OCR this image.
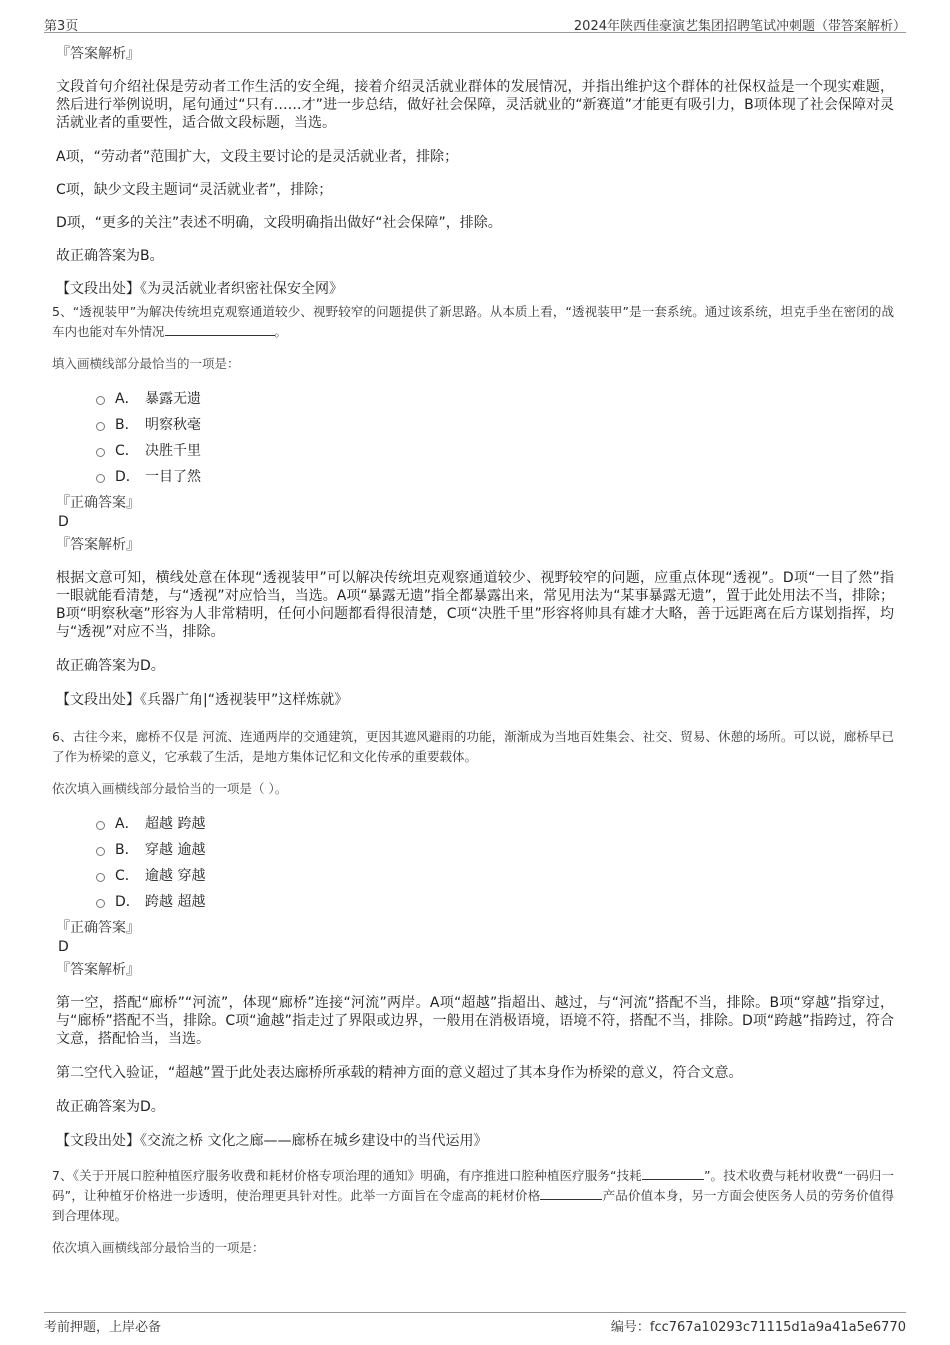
第3页	2024年陕西佳豪演艺集团招聘笔试冲刺题（带答案解析）
『答案解析』

文段首句介绍社保是劳动者工作生活的安全绳，接着介绍灵活就业群体的发展情况，并指出维护这个群体的社保权益是一个现实难题，然后进行举例说明，尾句通过“只有……才”进一步总结，做好社会保障，灵活就业的“新赛道”才能更有吸引力，B项体现了社会保障对灵活就业者的重要性，适合做文段标题，当选。

A项，“劳动者”范围扩大，文段主要讨论的是灵活就业者，排除；

C项，缺少文段主题词“灵活就业者”，排除；

D项，“更多的关注”表述不明确，文段明确指出做好“社会保障”，排除。

故正确答案为B。

【文段出处】《为灵活就业者织密社保安全网》

5、“透视装甲”为解决传统坦克观察通道较少、视野较窄的问题提供了新思路。从本质上看，“透视装甲”是一套系统。通过该系统，坦克手坐在密闭的战车内也能对车外情况	。

填入画横线部分最恰当的一项是：

A． 暴露无遗
B． 明察秋毫
C． 决胜千里
D． 一目了然
『正确答案』
D
『答案解析』

根据文意可知，横线处意在体现“透视装甲”可以解决传统坦克观察通道较少、视野较窄的问题，应重点体现“透视”。D项“一目了然”指一眼就能看清楚，与“透视”对应恰当，当选。A项“暴露无遗”指全都暴露出来，常见用法为“某事暴露无遗”，置于此处用法不当，排除；B项“明察秋毫”形容为人非常精明，任何小问题都看得很清楚，C项“决胜千里”形容将帅具有雄才大略，善于远距离在后方谋划指挥，均与“透视”对应不当，排除。

故正确答案为D。

【文段出处】《兵器广角|“透视装甲”这样炼就》

6、古往今来，廊桥不仅是 河流、连通两岸的交通建筑，更因其遮风避雨的功能，渐渐成为当地百姓集会、社交、贸易、休憩的场所。可以说，廊桥早已 了作为桥梁的意义，它承载了生活，是地方集体记忆和文化传承的重要载体。

依次填入画横线部分最恰当的一项是（ ）。

A． 超越 跨越
B． 穿越 逾越
C． 逾越 穿越
D． 跨越 超越
『正确答案』
D
『答案解析』

第一空，搭配“廊桥”“河流”，体现“廊桥”连接“河流”两岸。A项“超越”指超出、越过，与“河流”搭配不当，排除。B项“穿越”指穿过，与“廊桥”搭配不当，排除。C项“逾越”指走过了界限或边界，一般用在消极语境，语境不符，搭配不当，排除。D项“跨越”指跨过，符合文意，搭配恰当，当选。

第二空代入验证，“超越”置于此处表达廊桥所承载的精神方面的意义超过了其本身作为桥梁的意义，符合文意。

故正确答案为D。

【文段出处】《交流之桥 文化之廊——廊桥在城乡建设中的当代运用》

7、《关于开展口腔种植医疗服务收费和耗材价格专项治理的通知》明确，有序推进口腔种植医疗服务“技耗	”。技术收费与耗材收费“一码归一码”，让种植牙价格进一步透明，使治理更具针对性。此举一方面旨在令虚高的耗材价格	产品价值本身，另一方面会使医务人员的劳务价值得到合理体现。

依次填入画横线部分最恰当的一项是：

考前押题，上岸必备	编号：fcc767a10293c71115d1a9a41a5e6770
